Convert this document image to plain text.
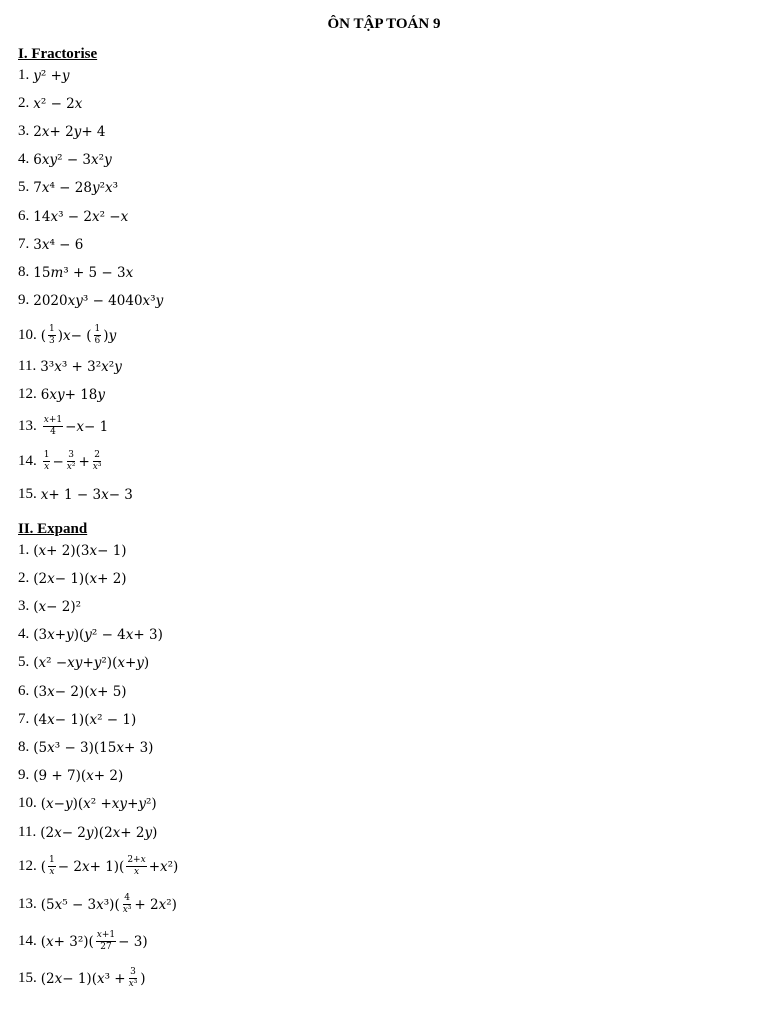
ÔN TẬP TOÁN 9
I. Fractorise
1. y ² + y
2. x ² − 2 x
3. 2 x + 2 y + 4
4. 6 x y ² − 3 x ² y
5. 7 x ⁴ − 28 y ² x ³
6. 14 x ³ − 2 x ² − x
7. 3 x ⁴ − 6
8. 15 m ³ + 5 − 3 x
9. 2020 x y ³ − 4040 x ³ y
10. ( $\frac{1}{3}$ ) x − ( $\frac{1}{6}$ ) y
11. 3³ x ³ + 3² x ² y
12. 6 x y + 18 y
13. $\frac{x+1}{4} - x - 1$
14. $\frac{1}{x} - \frac{3}{\text{x²}} + \frac{2}{\text{x³}}$
15. x + 1 − 3 x − 3
II. Expand
1. ( x + 2)(3 x − 1)
2. (2 x − 1)( x + 2)
3. ( x − 2)²
4. (3 x + y )( y ² − 4 x + 3)
5. ( x ² − x y + y ²)( x + y )
6. (3 x − 2)( x + 5)
7. (4 x − 1)( x ² − 1)
8. (5 x ³ − 3)(15 x + 3)
9. (9 + 7)( x + 2)
10. ( x − y )( x ² + x y + y ²)
11. (2 x − 2 y )(2 x + 2 y )
12. ( $\frac{1}{x} - 2$ $x + 1)( \frac{2+x}{x} + x$ ²)
13. (5 x ⁵ − 3 x $^3)( \frac{4}{\text{x³}} + 2$ x ²)
14. ( $x + 3^2)( \frac{x+1}{27} - 3)$
15. (2 x − 1)( x $^3 + \frac{3}{\text{x³}}$ )
